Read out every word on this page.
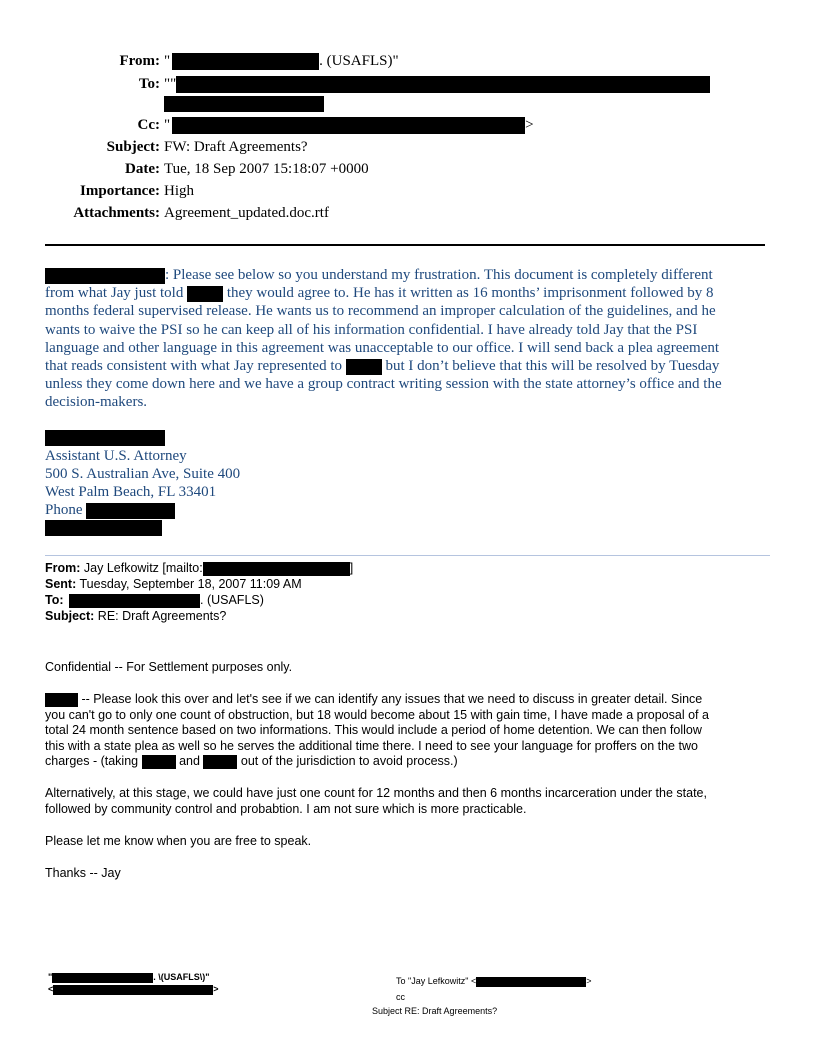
From: "	. (USAFLS)"
To: ""
Cc: "	>
Subject: FW: Draft Agreements?
Date: Tue, 18 Sep 2007 15:18:07 +0000
Importance: High
Attachments: Agreement_updated.doc.rtf
: Please see below so you understand my frustration. This document is completely different
from what Jay just told	they would agree to. He has it written as 16 months’ imprisonment followed by 8
months federal supervised release. He wants us to recommend an improper calculation of the guidelines, and he
wants to waive the PSI so he can keep all of his information confidential. I have already told Jay that the PSI
language and other language in this agreement was unacceptable to our office. I will send back a plea agreement
that reads consistent with what Jay represented to	but I don’t believe that this will be resolved by Tuesday
unless they come down here and we have a group contract writing session with the state attorney’s office and the
decision-makers.
Assistant U.S. Attorney
500 S. Australian Ave, Suite 400
West Palm Beach, FL 33401
Phone
From: Jay Lefkowitz [mailto:	]
Sent: Tuesday, September 18, 2007 11:09 AM
To:	. (USAFLS)
Subject: RE: Draft Agreements?
Confidential -- For Settlement purposes only.
-- Please look this over and let's see if we can identify any issues that we need to discuss in greater detail. Since
you can't go to only one count of obstruction, but 18 would become about 15 with gain time, I have made a proposal of a
total 24 month sentence based on two informations. This would include a period of home detention. We can then follow
this with a state plea as well so he serves the additional time there. I need to see your language for proffers on the two
charges - (taking	and	out of the jurisdiction to avoid process.)
Alternatively, at this stage, we could have just one count for 12 months and then 6 months incarceration under the state,
followed by community control and probabtion. I am not sure which is more practicable.
Please let me know when you are free to speak.
Thanks -- Jay
"	. \(USAFLS\)"
<	>
To "Jay Lefkowitz" <	>
cc
Subject RE: Draft Agreements?
